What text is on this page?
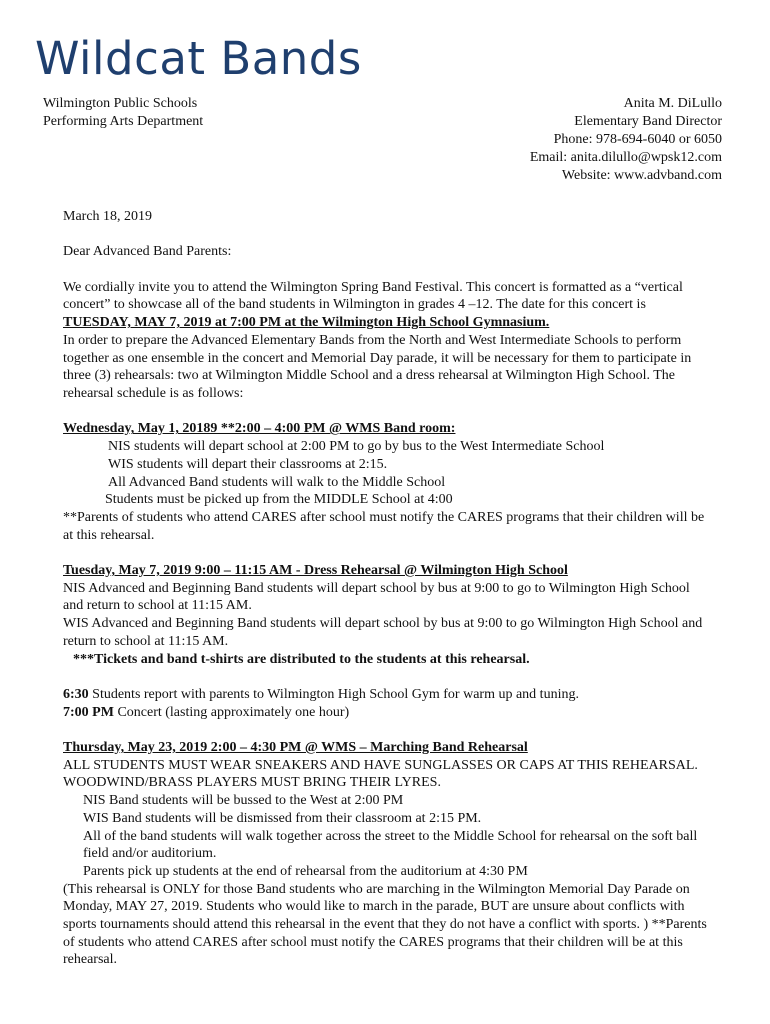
Wildcat Bands
Wilmington Public Schools
Performing Arts Department
Anita M. DiLullo
Elementary Band Director
Phone: 978-694-6040 or 6050
Email: anita.dilullo@wpsk12.com
Website: www.advband.com

March 18, 2019

Dear Advanced Band Parents:

We cordially invite you to attend the Wilmington Spring Band Festival. This concert is formatted as a “vertical concert” to showcase all of the band students in Wilmington in grades 4 –12. The date for this concert is TUESDAY, MAY 7, 2019 at 7:00 PM at the Wilmington High School Gymnasium.

In order to prepare the Advanced Elementary Bands from the North and West Intermediate Schools to perform together as one ensemble in the concert and Memorial Day parade, it will be necessary for them to participate in three (3) rehearsals: two at Wilmington Middle School and a dress rehearsal at Wilmington High School. The rehearsal schedule is as follows:

Wednesday, May 1, 20189 **2:00 – 4:00 PM @ WMS Band room:

NIS students will depart school at 2:00 PM to go by bus to the West Intermediate School

WIS students will depart their classrooms at 2:15.

All Advanced Band students will walk to the Middle School

Students must be picked up from the MIDDLE School at 4:00

**Parents of students who attend CARES after school must notify the CARES programs that their children will be at this rehearsal.

Tuesday, May 7, 2019 9:00 – 11:15 AM - Dress Rehearsal @ Wilmington High School

NIS Advanced and Beginning Band students will depart school by bus at 9:00 to go to Wilmington High School and return to school at 11:15 AM.

WIS Advanced and Beginning Band students will depart school by bus at 9:00 to go Wilmington High School and return to school at 11:15 AM.

***Tickets and band t-shirts are distributed to the students at this rehearsal.

6:30 Students report with parents to Wilmington High School Gym for warm up and tuning.

7:00 PM Concert (lasting approximately one hour)

Thursday, May 23, 2019 2:00 – 4:30 PM @ WMS – Marching Band Rehearsal

ALL STUDENTS MUST WEAR SNEAKERS AND HAVE SUNGLASSES OR CAPS AT THIS REHEARSAL. WOODWIND/BRASS PLAYERS MUST BRING THEIR LYRES.

NIS Band students will be bussed to the West at 2:00 PM

WIS Band students will be dismissed from their classroom at 2:15 PM.

All of the band students will walk together across the street to the Middle School for rehearsal on the soft ball field and/or auditorium.

Parents pick up students at the end of rehearsal from the auditorium at 4:30 PM

(This rehearsal is ONLY for those Band students who are marching in the Wilmington Memorial Day Parade on Monday, MAY 27, 2019. Students who would like to march in the parade, BUT are unsure about conflicts with sports tournaments should attend this rehearsal in the event that they do not have a conflict with sports. ) **Parents of students who attend CARES after school must notify the CARES programs that their children will be at this rehearsal.
